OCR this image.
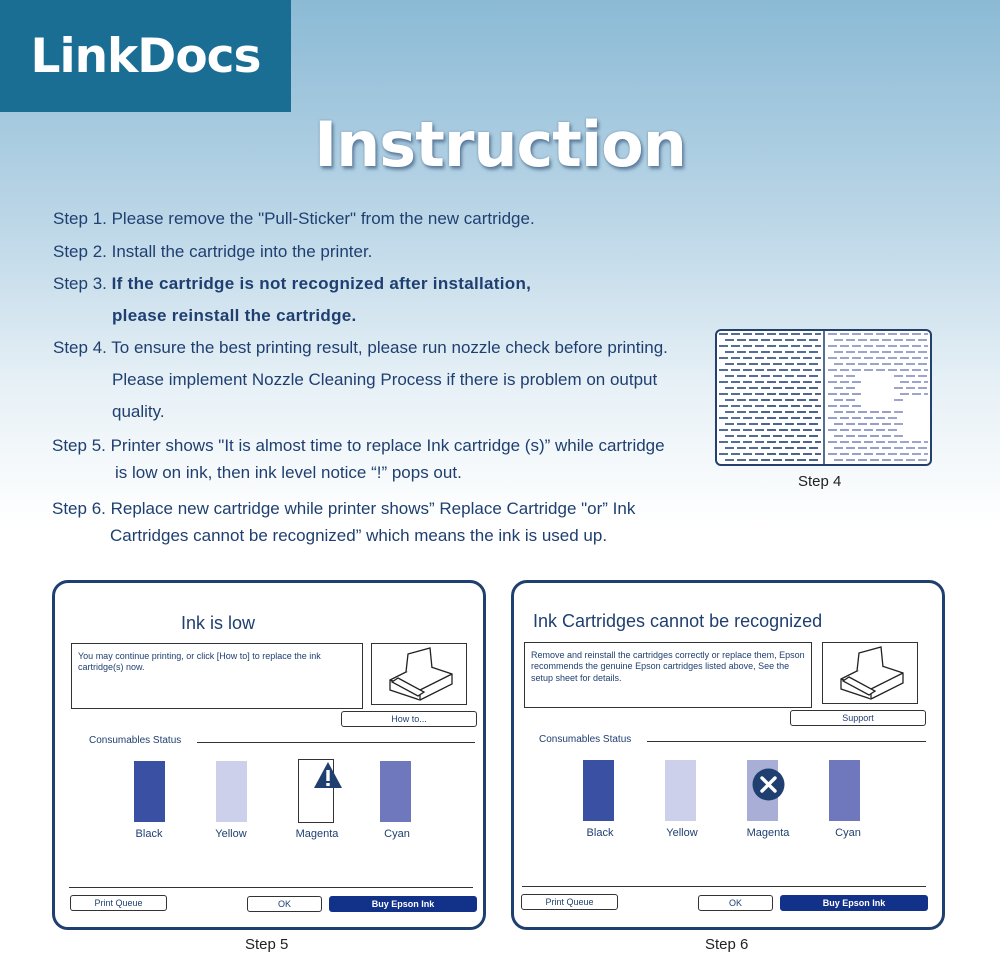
LinkDocs
Instruction
Step 1. Please remove the "Pull-Sticker" from the new cartridge.
Step 2. Install the cartridge into the printer.
Step 3. If the cartridge is not recognized after installation,
please reinstall the cartridge.
Step 4. To ensure the best printing result, please run nozzle check before printing.
Please implement Nozzle Cleaning Process if there is problem on output
quality.
Step 5. Printer shows "It is almost time to replace Ink cartridge (s)” while cartridge
is low on ink, then ink level notice “!” pops out.
Step 6. Replace new cartridge while printer shows” Replace Cartridge "or” Ink
Cartridges cannot be recognized” which means the ink is used up.
Step 4
Ink is low
You may continue printing, or click [How to] to replace the ink cartridge(s) now.
How to...
Consumables Status
Black	Yellow	Magenta	Cyan
Print Queue	OK	Buy Epson Ink
Step 5
Ink Cartridges cannot be recognized
Remove and reinstall the cartridges correctly or replace them, Epson recommends the genuine Epson cartridges listed above, See the setup sheet for details.
Support
Consumables Status
Black	Yellow	Magenta	Cyan
Print Queue	OK	Buy Epson Ink
Step 6
